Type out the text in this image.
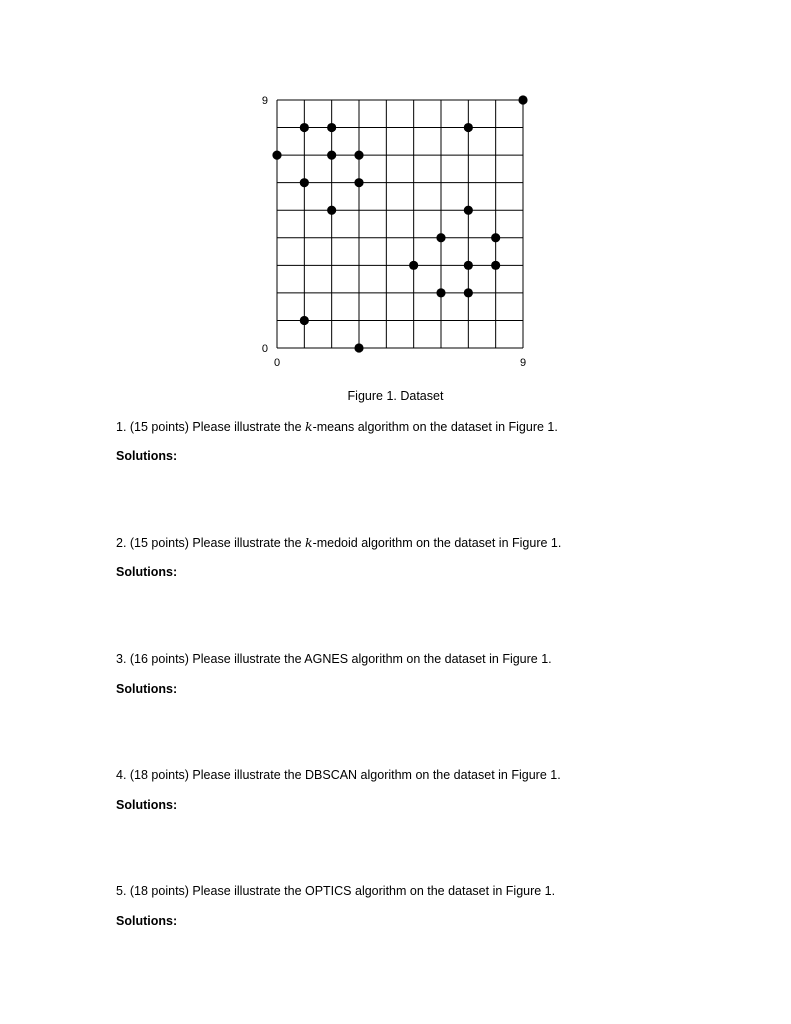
9
0
0	9
Figure 1. Dataset
1. (15 points) Please illustrate the k-means algorithm on the dataset in Figure 1.
Solutions:
2. (15 points) Please illustrate the k-medoid algorithm on the dataset in Figure 1.
Solutions:
3. (16 points) Please illustrate the AGNES algorithm on the dataset in Figure 1.
Solutions:
4. (18 points) Please illustrate the DBSCAN algorithm on the dataset in Figure 1.
Solutions:
5. (18 points) Please illustrate the OPTICS algorithm on the dataset in Figure 1.
Solutions:
